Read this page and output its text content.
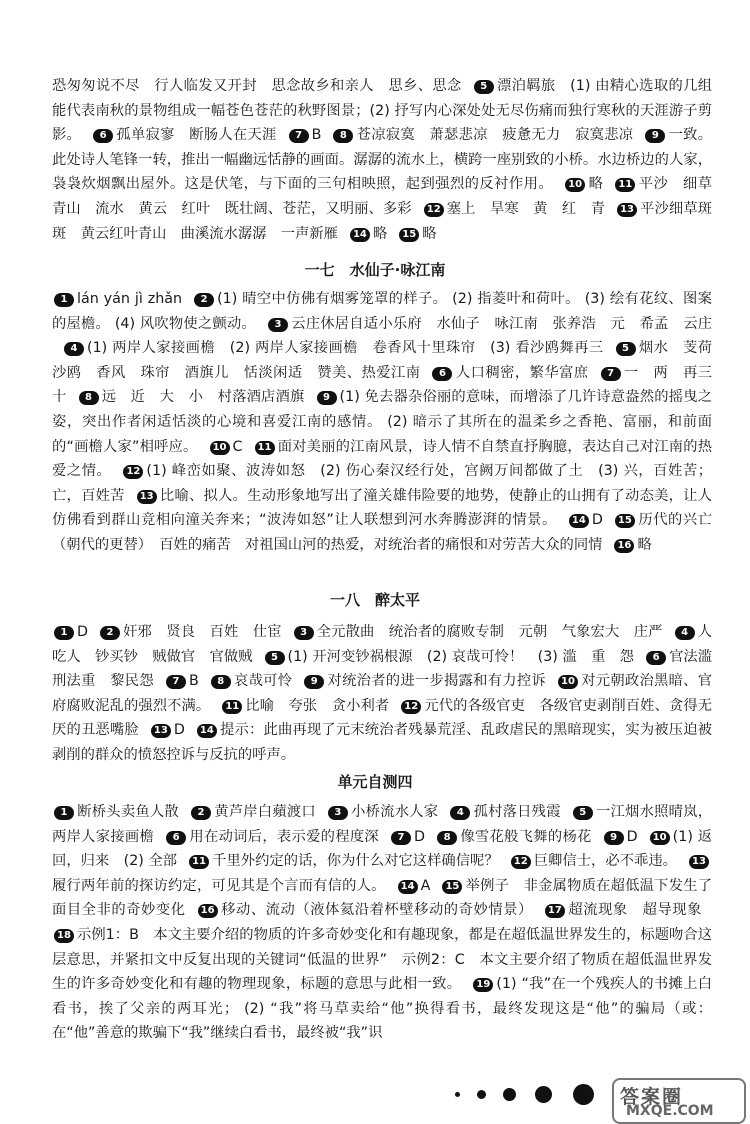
恐匆匆说不尽　行人临发又开封　思念故乡和亲人　思乡、思念 5 漂泊羁旅　(1) 由精心选取的几组能代表南秋的景物组成一幅苍色苍茫的秋野图景；(2) 抒写内心深处处无尽伤痛而独行寒秋的天涯游子剪影。 6 孤单寂寥　断肠人在天涯 7 B 8 苍凉寂寞　萧瑟悲凉　疲惫无力　寂寞悲凉 9 一致。此处诗人笔锋一转，推出一幅幽远恬静的画面。潺潺的流水上，横跨一座别致的小桥。水边桥边的人家，袅袅炊烟飘出屋外。这是伏笔，与下面的三句相映照，起到强烈的反衬作用。 10 略 11 平沙　细草　青山　流水　黄云　红叶　既壮阔、苍茫，又明丽、多彩 12 塞上　旱寒　黄　红　青 13 平沙细草斑斑　黄云红叶青山　曲溪流水潺潺　一声新雁 14 略 15 略
一七　水仙子·咏江南
1 lán yán jì zhǎn 2 (1) 晴空中仿佛有烟雾笼罩的样子。 (2) 指菱叶和荷叶。 (3) 绘有花纹、图案的屋檐。 (4) 风吹物使之颤动。 3 云庄休居自适小乐府　水仙子　咏江南　张养浩　元　希孟　云庄4 (1) 两岸人家接画檐　(2) 两岸人家接画檐　卷香风十里珠帘　(3) 看沙鸥舞再三 5 烟水　芰荷　沙鸥　香风　珠帘　酒旗儿　恬淡闲适　赞美、热爱江南 6 人口稠密，繁华富庶 7 一　两　再三　十 8 远　近　大　小　村落酒店酒旗 9 (1) 免去器杂俗丽的意味，而增添了几许诗意盎然的摇曳之姿，突出作者闲适恬淡的心境和喜爱江南的感情。 (2) 暗示了其所在的温柔乡之香艳、富丽，和前面的“画檐人家”相呼应。 10 C 11 面对美丽的江南风景，诗人情不自禁直抒胸臆，表达自己对江南的热爱之情。 12 (1) 峰峦如聚、波涛如怒　(2) 伤心秦汉经行处，宫阙万间都做了土　(3) 兴，百姓苦；亡，百姓苦 13 比喻、拟人。生动形象地写出了潼关雄伟险要的地势，使静止的山拥有了动态美，让人仿佛看到群山竞相向潼关奔来；“波涛如怒”让人联想到河水奔腾澎湃的情景。 14 D 15 历代的兴亡（朝代的更替）　百姓的痛苦　对祖国山河的热爱，对统治者的痛恨和对劳苦大众的同情 16 略
一八　醉太平
1 D 2 奸邪　贤良　百姓　仕宦 3 全元散曲　统治者的腐败专制　元朝　气象宏大　庄严 4 人吃人　钞买钞　贼做官　官做贼 5 (1) 开河变钞祸根源　(2) 哀哉可怜！　(3) 滥　重　怨 6 官法滥　刑法重　黎民怨 7 B 8 哀哉可怜 9 对统治者的进一步揭露和有力控诉 10 对元朝政治黑暗、官府腐败泥乱的强烈不满。 11 比喻　夸张　贪小利者 12 元代的各级官吏　各级官吏剥削百姓、贪得无厌的丑恶嘴脸 13 D 14 提示：此曲再现了元末统治者残暴荒淫、乱政虐民的黑暗现实，实为被压迫被剥削的群众的愤怒控诉与反抗的呼声。
单元自测四
1 断桥头卖鱼人散 2 黄芦岸白蘋渡口 3 小桥流水人家 4 孤村落日残霞 5 一江烟水照晴岚，两岸人家接画檐 6 用在动词后，表示爱的程度深 7 D 8 像雪花般飞舞的杨花 9 D 10 (1) 返回，归来　(2) 全部 11 千里外约定的话，你为什么对它这样确信呢？ 12 巨卿信士，必不乖违。 13履行两年前的探访约定，可见其是个言而有信的人。 14 A 15 举例子　非金属物质在超低温下发生了面目全非的奇妙变化 16 移动、流动（液体氦沿着杯壁移动的奇妙情景） 17 超流现象　超导现象18 示例1：B　本文主要介绍的物质的许多奇妙变化和有趣现象，都是在超低温世界发生的，标题吻合这层意思，并紧扣文中反复出现的关键词“低温的世界”　示例2：C　本文主要介绍了物质在超低温世界发生的许多奇妙变化和有趣的物理现象，标题的意思与此相一致。 19 (1) “我”在一个残疾人的书摊上白看书，挨了父亲的两耳光； (2) “我”将马草卖给“他”换得看书，最终发现这是“他”的骗局（或：在“他”善意的欺骗下“我”继续白看书，最终被“我”识
答案圈
MXQE.COM
